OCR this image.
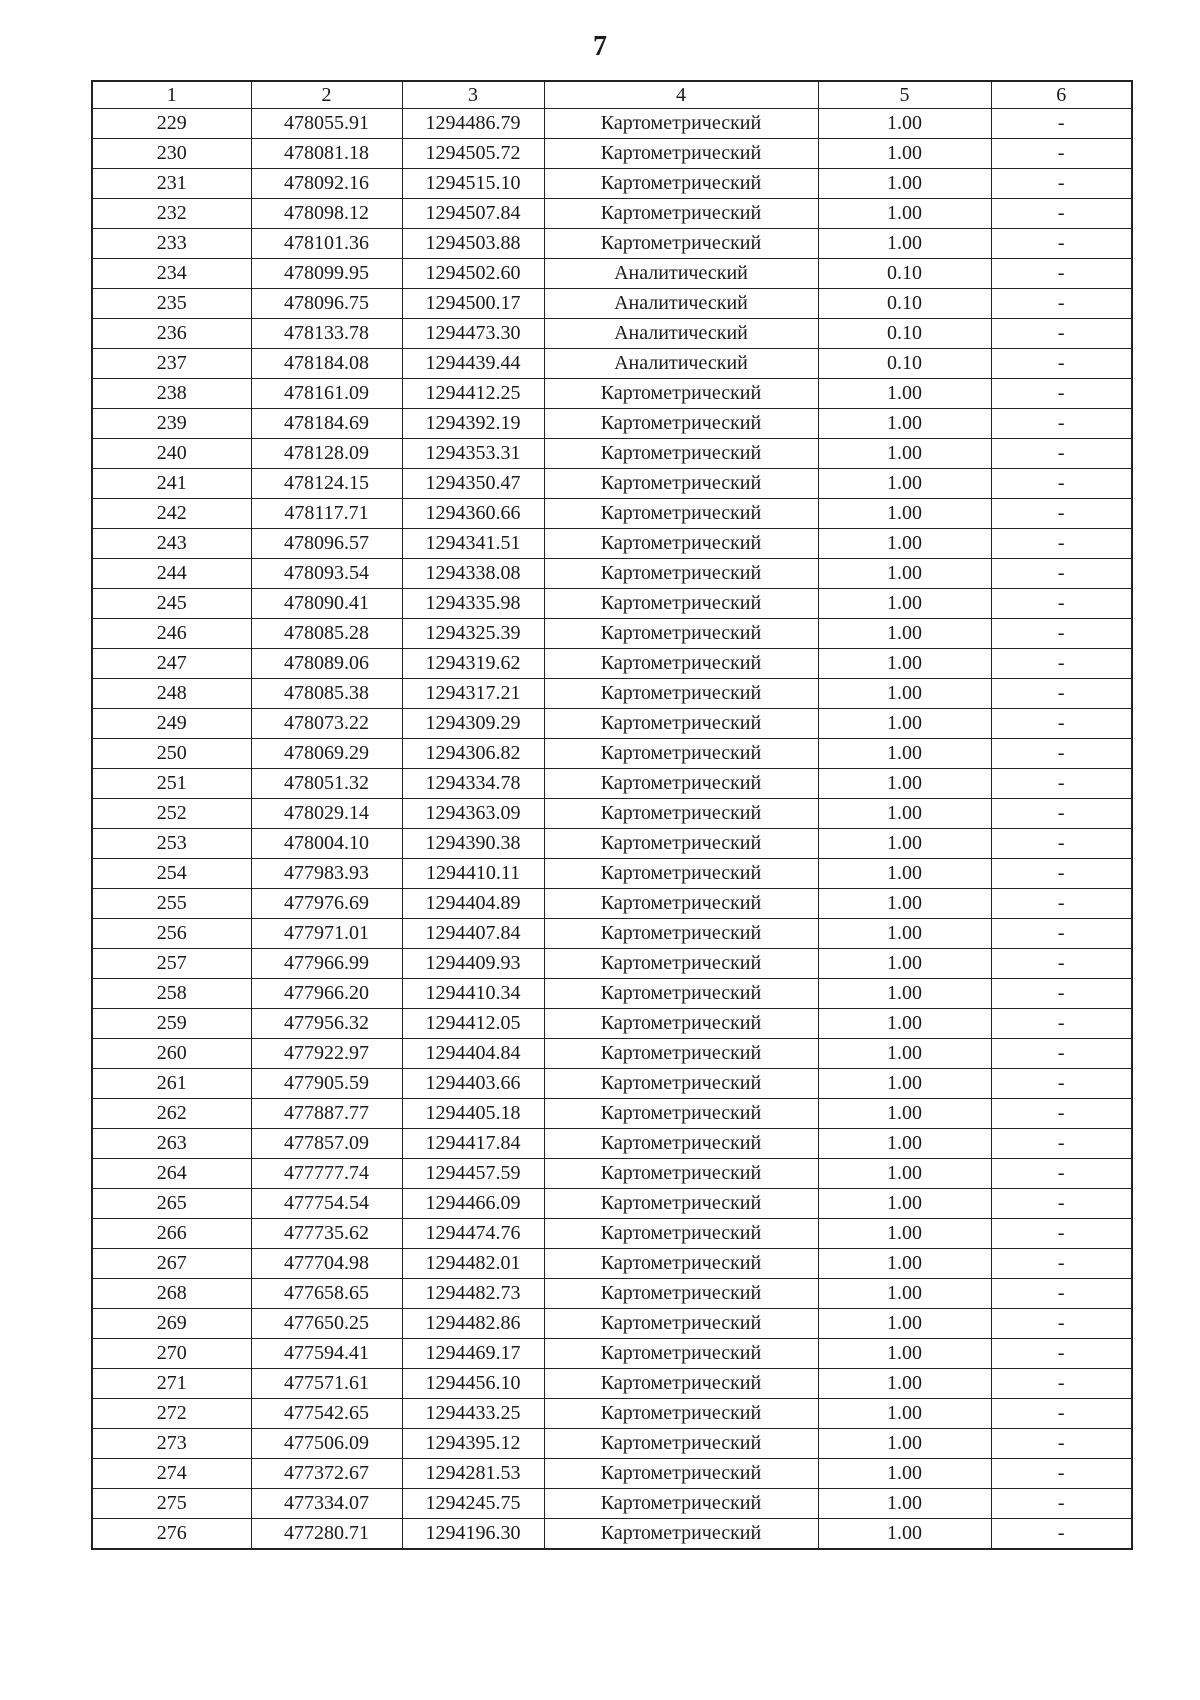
7
1	2	3	4	5	6
229	478055.91	1294486.79	Картометрический	1.00	-
230	478081.18	1294505.72	Картометрический	1.00	-
231	478092.16	1294515.10	Картометрический	1.00	-
232	478098.12	1294507.84	Картометрический	1.00	-
233	478101.36	1294503.88	Картометрический	1.00	-
234	478099.95	1294502.60	Аналитический	0.10	-
235	478096.75	1294500.17	Аналитический	0.10	-
236	478133.78	1294473.30	Аналитический	0.10	-
237	478184.08	1294439.44	Аналитический	0.10	-
238	478161.09	1294412.25	Картометрический	1.00	-
239	478184.69	1294392.19	Картометрический	1.00	-
240	478128.09	1294353.31	Картометрический	1.00	-
241	478124.15	1294350.47	Картометрический	1.00	-
242	478117.71	1294360.66	Картометрический	1.00	-
243	478096.57	1294341.51	Картометрический	1.00	-
244	478093.54	1294338.08	Картометрический	1.00	-
245	478090.41	1294335.98	Картометрический	1.00	-
246	478085.28	1294325.39	Картометрический	1.00	-
247	478089.06	1294319.62	Картометрический	1.00	-
248	478085.38	1294317.21	Картометрический	1.00	-
249	478073.22	1294309.29	Картометрический	1.00	-
250	478069.29	1294306.82	Картометрический	1.00	-
251	478051.32	1294334.78	Картометрический	1.00	-
252	478029.14	1294363.09	Картометрический	1.00	-
253	478004.10	1294390.38	Картометрический	1.00	-
254	477983.93	1294410.11	Картометрический	1.00	-
255	477976.69	1294404.89	Картометрический	1.00	-
256	477971.01	1294407.84	Картометрический	1.00	-
257	477966.99	1294409.93	Картометрический	1.00	-
258	477966.20	1294410.34	Картометрический	1.00	-
259	477956.32	1294412.05	Картометрический	1.00	-
260	477922.97	1294404.84	Картометрический	1.00	-
261	477905.59	1294403.66	Картометрический	1.00	-
262	477887.77	1294405.18	Картометрический	1.00	-
263	477857.09	1294417.84	Картометрический	1.00	-
264	477777.74	1294457.59	Картометрический	1.00	-
265	477754.54	1294466.09	Картометрический	1.00	-
266	477735.62	1294474.76	Картометрический	1.00	-
267	477704.98	1294482.01	Картометрический	1.00	-
268	477658.65	1294482.73	Картометрический	1.00	-
269	477650.25	1294482.86	Картометрический	1.00	-
270	477594.41	1294469.17	Картометрический	1.00	-
271	477571.61	1294456.10	Картометрический	1.00	-
272	477542.65	1294433.25	Картометрический	1.00	-
273	477506.09	1294395.12	Картометрический	1.00	-
274	477372.67	1294281.53	Картометрический	1.00	-
275	477334.07	1294245.75	Картометрический	1.00	-
276	477280.71	1294196.30	Картометрический	1.00	-
